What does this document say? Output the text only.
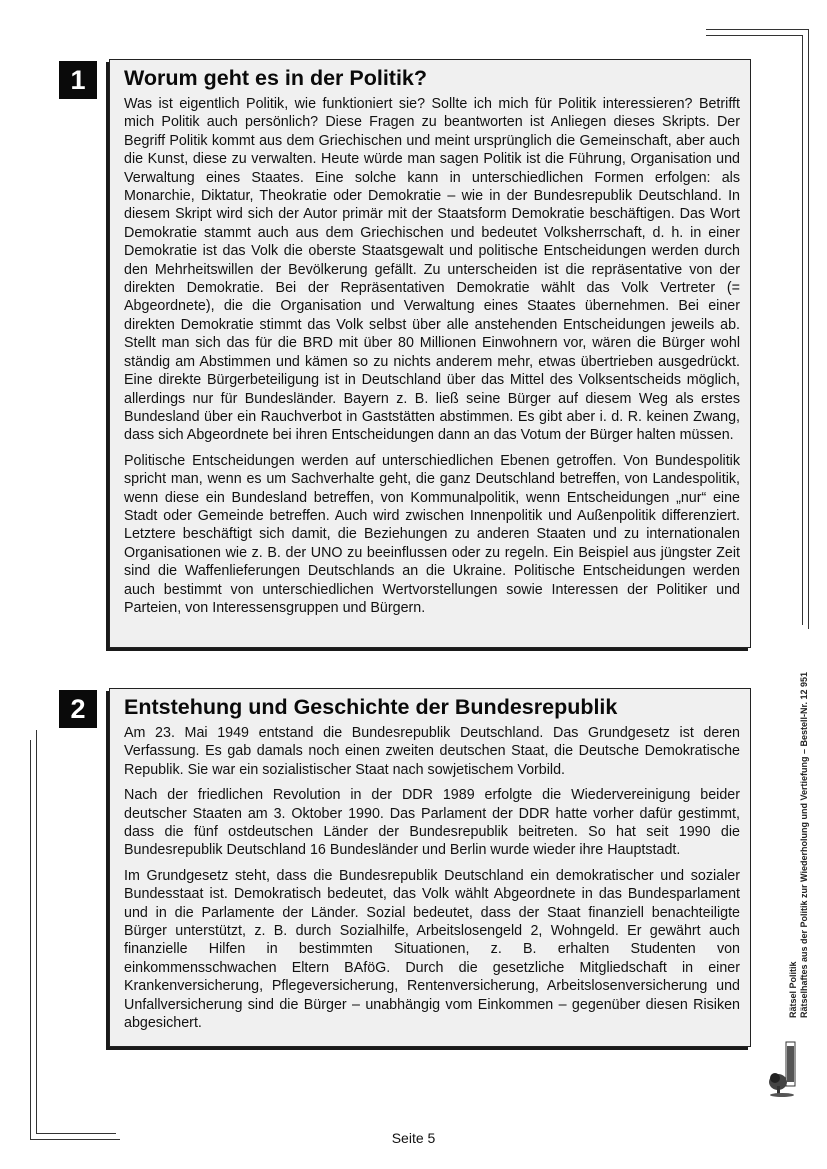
1 Worum geht es in der Politik?

Was ist eigentlich Politik, wie funktioniert sie? Sollte ich mich für Politik interessieren? Betrifft mich Politik auch persönlich? Diese Fragen zu beantworten ist Anliegen dieses Skripts. Der Begriff Politik kommt aus dem Griechischen und meint ursprünglich die Gemeinschaft, aber auch die Kunst, diese zu verwalten. Heute würde man sagen Politik ist die Führung, Organisation und Verwaltung eines Staates. Eine solche kann in unterschiedlichen Formen erfolgen: als Monarchie, Diktatur, Theokratie oder Demokratie – wie in der Bundesrepublik Deutschland. In diesem Skript wird sich der Autor primär mit der Staatsform Demokratie beschäftigen. Das Wort Demokratie stammt auch aus dem Griechischen und bedeutet Volksherrschaft, d. h. in einer Demokratie ist das Volk die oberste Staatsgewalt und politische Entscheidungen werden durch den Mehrheitswillen der Bevölkerung gefällt. Zu unterscheiden ist die repräsentative von der direkten Demokratie. Bei der Repräsentativen Demokratie wählt das Volk Vertreter (= Abgeordnete), die die Organisation und Verwaltung eines Staates übernehmen. Bei einer direkten Demokratie stimmt das Volk selbst über alle anstehenden Entscheidungen jeweils ab. Stellt man sich das für die BRD mit über 80 Millionen Einwohnern vor, wären die Bürger wohl ständig am Abstimmen und kämen so zu nichts anderem mehr, etwas übertrieben ausgedrückt. Eine direkte Bürgerbeteiligung ist in Deutschland über das Mittel des Volksentscheids möglich, allerdings nur für Bundesländer. Bayern z. B. ließ seine Bürger auf diesem Weg als erstes Bundesland über ein Rauchverbot in Gaststätten abstimmen. Es gibt aber i. d. R. keinen Zwang, dass sich Abgeordnete bei ihren Entscheidungen dann an das Votum der Bürger halten müssen.

Politische Entscheidungen werden auf unterschiedlichen Ebenen getroffen. Von Bundespolitik spricht man, wenn es um Sachverhalte geht, die ganz Deutschland betreffen, von Landespolitik, wenn diese ein Bundesland betreffen, von Kommunalpolitik, wenn Entscheidungen „nur“ eine Stadt oder Gemeinde betreffen. Auch wird zwischen Innenpolitik und Außenpolitik differenziert. Letztere beschäftigt sich damit, die Beziehungen zu anderen Staaten und zu internationalen Organisationen wie z. B. der UNO zu beeinflussen oder zu regeln. Ein Beispiel aus jüngster Zeit sind die Waffenlieferungen Deutschlands an die Ukraine. Politische Entscheidungen werden auch bestimmt von unterschiedlichen Wertvorstellungen sowie Interessen der Politiker und Parteien, von Interessensgruppen und Bürgern.

2 Entstehung und Geschichte der Bundesrepublik

Am 23. Mai 1949 entstand die Bundesrepublik Deutschland. Das Grundgesetz ist deren Verfassung. Es gab damals noch einen zweiten deutschen Staat, die Deutsche Demokratische Republik. Sie war ein sozialistischer Staat nach sowjetischem Vorbild.

Nach der friedlichen Revolution in der DDR 1989 erfolgte die Wiedervereinigung beider deutscher Staaten am 3. Oktober 1990. Das Parlament der DDR hatte vorher dafür gestimmt, dass die fünf ostdeutschen Länder der Bundesrepublik beitreten. So hat seit 1990 die Bundesrepublik Deutschland 16 Bundesländer und Berlin wurde wieder ihre Hauptstadt.

Im Grundgesetz steht, dass die Bundesrepublik Deutschland ein demokratischer und sozialer Bundesstaat ist. Demokratisch bedeutet, das Volk wählt Abgeordnete in das Bundesparlament und in die Parlamente der Länder. Sozial bedeutet, dass der Staat finanziell benachteiligte Bürger unterstützt, z. B. durch Sozialhilfe, Arbeitslosengeld 2, Wohngeld. Er gewährt auch finanzielle Hilfen in bestimmten Situationen, z. B. erhalten Studenten von einkommensschwachen Eltern BAföG. Durch die gesetzliche Mitgliedschaft in einer Krankenversicherung, Pflegeversicherung, Rentenversicherung, Arbeitslosenversicherung und Unfallversicherung sind die Bürger – unabhängig vom Einkommen – gegenüber diesen Risiken abgesichert.

Rätsel Politik Rätselhaftes aus der Politik zur Wiederholung und Vertiefung – Bestell-Nr. 12 951
Seite 5
